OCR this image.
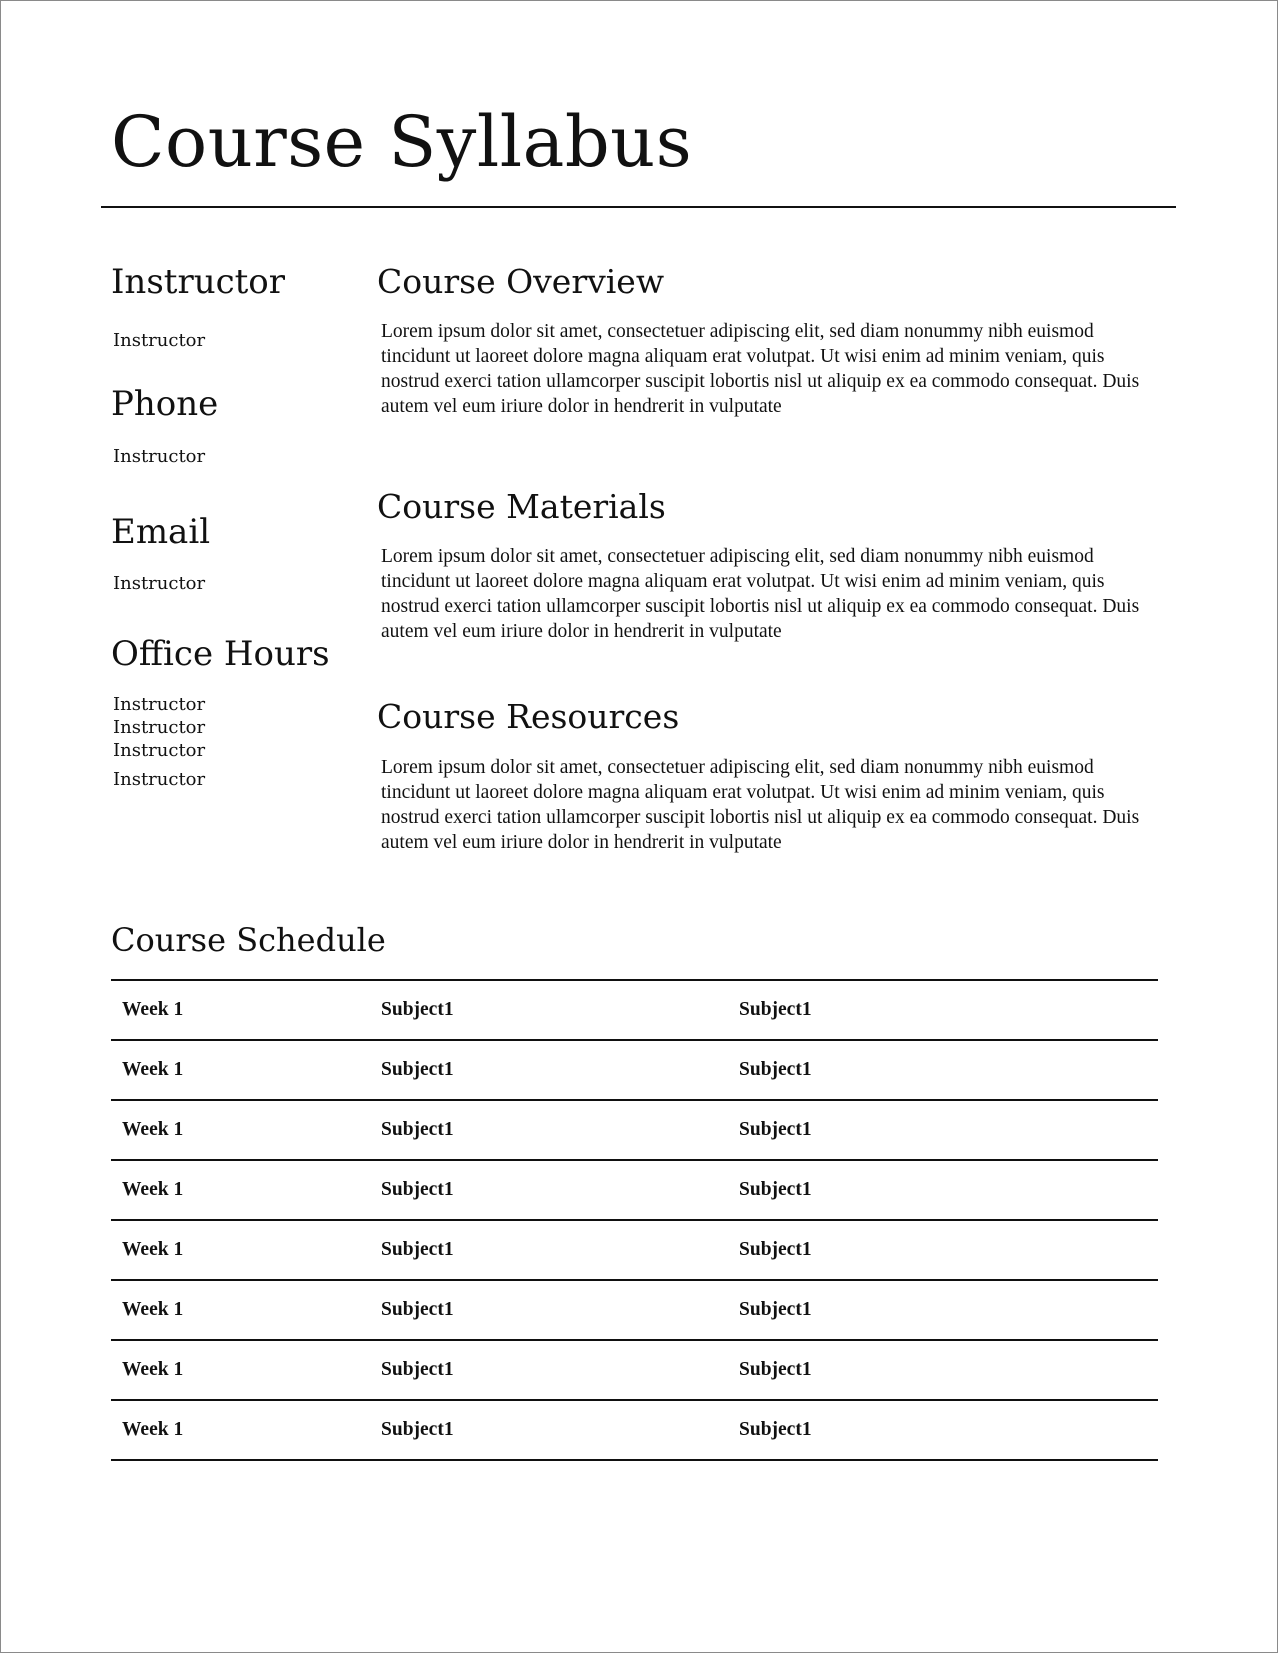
Course Syllabus
Instructor

Instructor

Phone

Instructor

Email

Instructor

Office Hours

Instructor

Instructor

Instructor

Instructor

Course Overview

Lorem ipsum dolor sit amet, consectetuer adipiscing elit, sed diam nonummy nibh euismod tincidunt ut laoreet dolore magna aliquam erat volutpat. Ut wisi enim ad minim veniam, quis nostrud exerci tation ullamcorper suscipit lobortis nisl ut aliquip ex ea commodo consequat. Duis autem vel eum iriure dolor in hendrerit in vulputate

Course Materials

Lorem ipsum dolor sit amet, consectetuer adipiscing elit, sed diam nonummy nibh euismod tincidunt ut laoreet dolore magna aliquam erat volutpat. Ut wisi enim ad minim veniam, quis nostrud exerci tation ullamcorper suscipit lobortis nisl ut aliquip ex ea commodo consequat. Duis autem vel eum iriure dolor in hendrerit in vulputate

Course Resources

Lorem ipsum dolor sit amet, consectetuer adipiscing elit, sed diam nonummy nibh euismod tincidunt ut laoreet dolore magna aliquam erat volutpat. Ut wisi enim ad minim veniam, quis nostrud exerci tation ullamcorper suscipit lobortis nisl ut aliquip ex ea commodo consequat. Duis autem vel eum iriure dolor in hendrerit in vulputate

Course Schedule
Week 1	Subject1	Subject1
Week 1	Subject1	Subject1
Week 1	Subject1	Subject1
Week 1	Subject1	Subject1
Week 1	Subject1	Subject1
Week 1	Subject1	Subject1
Week 1	Subject1	Subject1
Week 1	Subject1	Subject1
